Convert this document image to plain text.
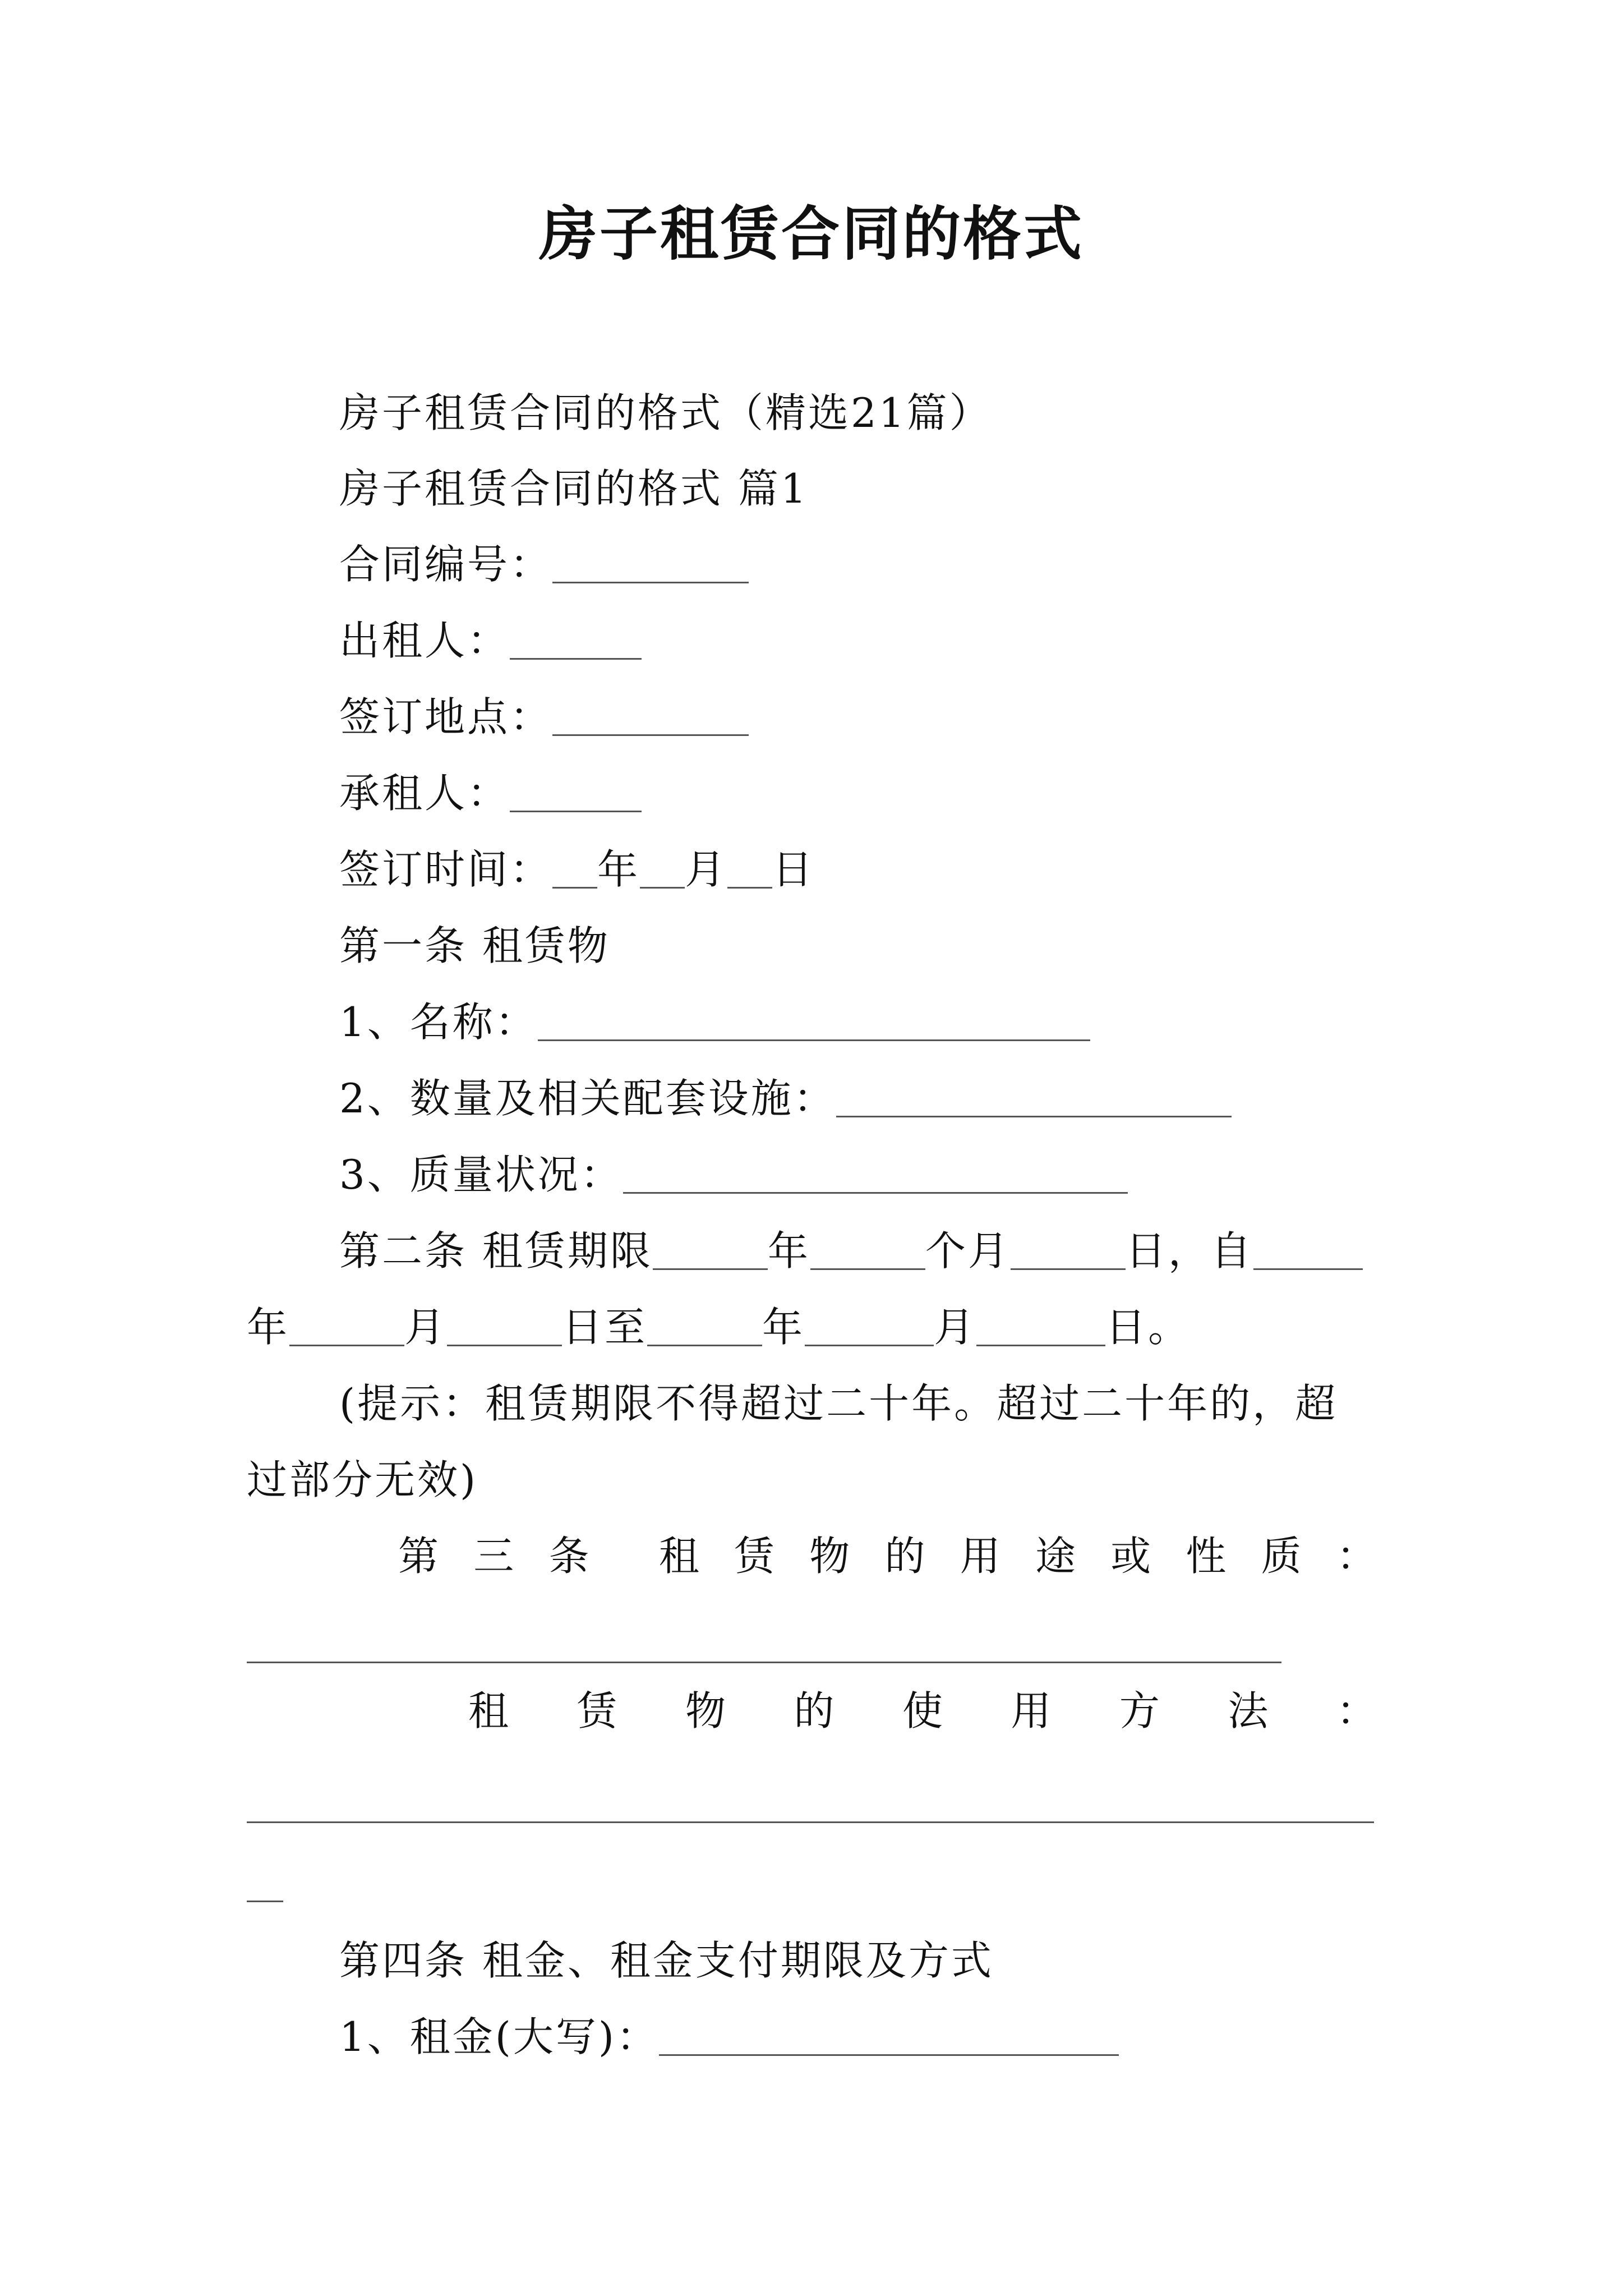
房子租赁合同的格式
房子租赁合同的格式（精选21篇）
房子租赁合同的格式 篇1
合同编号：
出租人：
签订地点：
承租人：
签订时间： 年 月 日
第一条 租赁物
1、名称：
2、数量及相关配套设施：
3、质量状况：
第二条 租赁期限	年	个月	日，自
年	月	日至	年	月	日。
(提示：租赁期限不得超过二十年。超过二十年的，超
过部分无效)
第 三 条 租 赁 物 的 用 途 或 性 质 ：
租 赁 物 的 使 用 方 法 ：
第四条 租金、租金支付期限及方式
1、租金(大写)：
